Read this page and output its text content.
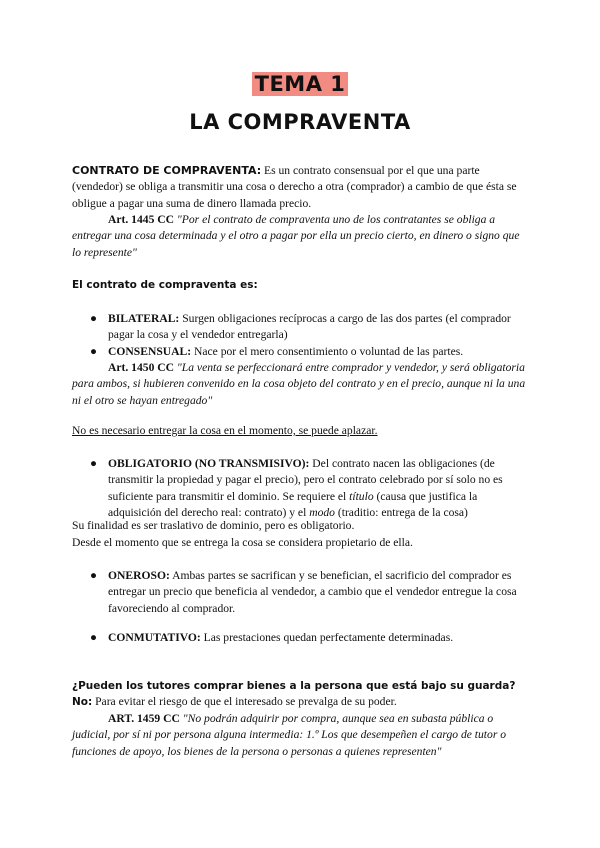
TEMA 1
LA COMPRAVENTA
CONTRATO DE COMPRAVENTA: Es un contrato consensual por el que una parte (vendedor) se obliga a transmitir una cosa o derecho a otra (comprador) a cambio de que ésta se obligue a pagar una suma de dinero llamada precio.
Art. 1445 CC "Por el contrato de compraventa uno de los contratantes se obliga a entregar una cosa determinada y el otro a pagar por ella un precio cierto, en dinero o signo que lo represente"
El contrato de compraventa es:
● BILATERAL: Surgen obligaciones recíprocas a cargo de las dos partes (el comprador pagar la cosa y el vendedor entregarla)
● CONSENSUAL: Nace por el mero consentimiento o voluntad de las partes.
Art. 1450 CC "La venta se perfeccionará entre comprador y vendedor, y será obligatoria para ambos, si hubieren convenido en la cosa objeto del contrato y en el precio, aunque ni la una ni el otro se hayan entregado"
No es necesario entregar la cosa en el momento, se puede aplazar.
● OBLIGATORIO (NO TRANSMISIVO): Del contrato nacen las obligaciones (de transmitir la propiedad y pagar el precio), pero el contrato celebrado por sí solo no es suficiente para transmitir el dominio. Se requiere el título (causa que justifica la adquisición del derecho real: contrato) y el modo (traditio: entrega de la cosa)
Su finalidad es ser traslativo de dominio, pero es obligatorio.
Desde el momento que se entrega la cosa se considera propietario de ella.
● ONEROSO: Ambas partes se sacrifican y se benefician, el sacrificio del comprador es entregar un precio que beneficia al vendedor, a cambio que el vendedor entregue la cosa favoreciendo al comprador.
● CONMUTATIVO: Las prestaciones quedan perfectamente determinadas.
¿Pueden los tutores comprar bienes a la persona que está bajo su guarda? No: Para evitar el riesgo de que el interesado se prevalga de su poder.
ART. 1459 CC "No podrán adquirir por compra, aunque sea en subasta pública o judicial, por sí ni por persona alguna intermedia: 1.º Los que desempeñen el cargo de tutor o funciones de apoyo, los bienes de la persona o personas a quienes representen"
